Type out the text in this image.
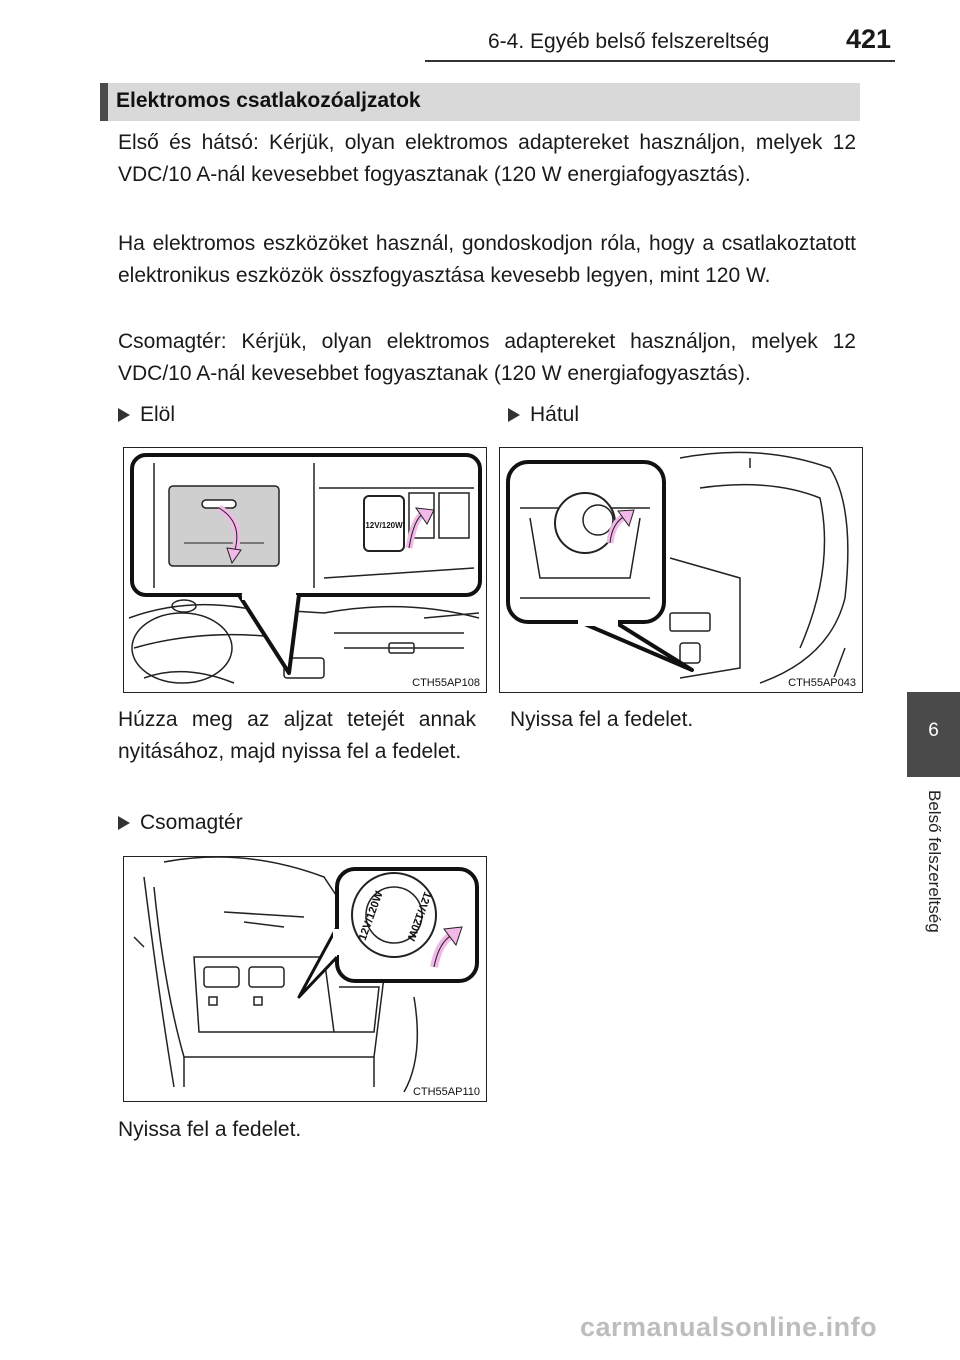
6-4. Egyéb belső felszereltség	421
Elektromos csatlakozóaljzatok
Első és hátsó: Kérjük, olyan elektromos adaptereket használjon, melyek 12 VDC/10 A-nál kevesebbet fogyasztanak (120 W energiafogyasztás).
Ha elektromos eszközöket használ, gondoskodjon róla, hogy a csatlakoztatott elektronikus eszközök összfogyasztása kevesebb legyen, mint 120 W.
Csomagtér: Kérjük, olyan elektromos adaptereket használjon, melyek 12 VDC/10 A-nál kevesebbet fogyasztanak (120 W energiafogyasztás).
Elöl	Hátul
12V/120W
CTH55AP108	CTH55AP043
Húzza meg az aljzat tetejét annak nyitásához, majd nyissa fel a fedelet.
Nyissa fel a fedelet.
Csomagtér
12V/120W 12V/120W
CTH55AP110
Nyissa fel a fedelet.
6
Belső felszereltség
carmanualsonline.info
